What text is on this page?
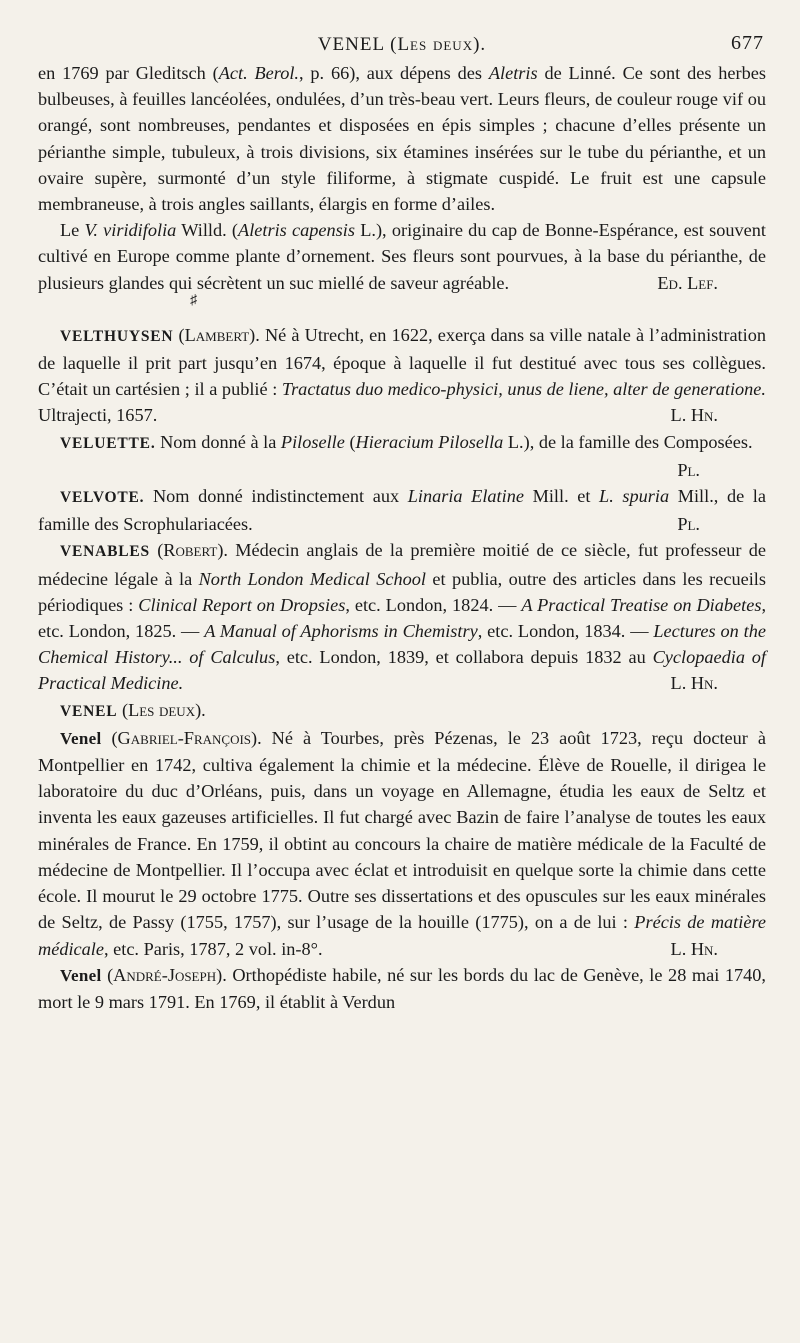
VENEL (Les deux).	677

en 1769 par Gleditsch (Act. Berol., p. 66), aux dépens des Aletris de Linné. Ce sont des herbes bulbeuses, à feuilles lancéolées, ondulées, d’un très-beau vert. Leurs fleurs, de couleur rouge vif ou orangé, sont nombreuses, pendantes et disposées en épis simples ; chacune d’elles présente un périanthe simple, tubuleux, à trois divisions, six étamines insérées sur le tube du périanthe, et un ovaire supère, surmonté d’un style filiforme, à stigmate cuspidé. Le fruit est une capsule membraneuse, à trois angles saillants, élargis en forme d’ailes.

Le V. viridifolia Willd. (Aletris capensis L.), originaire du cap de Bonne-Espérance, est souvent cultivé en Europe comme plante d’ornement. Ses fleurs sont pourvues, à la base du périanthe, de plusieurs glandes qui sécrètent un suc miellé de saveur agréable.	Ed. Lef.

♯

VELTHUYSEN (Lambert). Né à Utrecht, en 1622, exerça dans sa ville natale à l’administration de laquelle il prit part jusqu’en 1674, époque à laquelle il fut destitué avec tous ses collègues. C’était un cartésien ; il a publié : Tractatus duo medico-physici, unus de liene, alter de generatione. Ultrajecti, 1657.	L. Hn.

VELUETTE. Nom donné à la Piloselle (Hieracium Pilosella L.), de la famille des Composées.
Pl.

VELVOTE. Nom donné indistinctement aux Linaria Elatine Mill. et L. spuria Mill., de la famille des Scrophulariacées.	Pl.

VENABLES (Robert). Médecin anglais de la première moitié de ce siècle, fut professeur de médecine légale à la North London Medical School et publia, outre des articles dans les recueils périodiques : Clinical Report on Dropsies, etc. London, 1824. — A Practical Treatise on Diabetes, etc. London, 1825. — A Manual of Aphorisms in Chemistry, etc. London, 1834. — Lectures on the Chemical History... of Calculus, etc. London, 1839, et collabora depuis 1832 au Cyclopaedia of Practical Medicine.	L. Hn.

VENEL (Les deux).

Venel (Gabriel-François). Né à Tourbes, près Pézenas, le 23 août 1723, reçu docteur à Montpellier en 1742, cultiva également la chimie et la médecine. Élève de Rouelle, il dirigea le laboratoire du duc d’Orléans, puis, dans un voyage en Allemagne, étudia les eaux de Seltz et inventa les eaux gazeuses artificielles. Il fut chargé avec Bazin de faire l’analyse de toutes les eaux minérales de France. En 1759, il obtint au concours la chaire de matière médicale de la Faculté de médecine de Montpellier. Il l’occupa avec éclat et introduisit en quelque sorte la chimie dans cette école. Il mourut le 29 octobre 1775. Outre ses dissertations et des opuscules sur les eaux minérales de Seltz, de Passy (1755, 1757), sur l’usage de la houille (1775), on a de lui : Précis de matière médicale, etc. Paris, 1787, 2 vol. in-8°.	L. Hn.

Venel (André-Joseph). Orthopédiste habile, né sur les bords du lac de Genève, le 28 mai 1740, mort le 9 mars 1791. En 1769, il établit à Verdun
